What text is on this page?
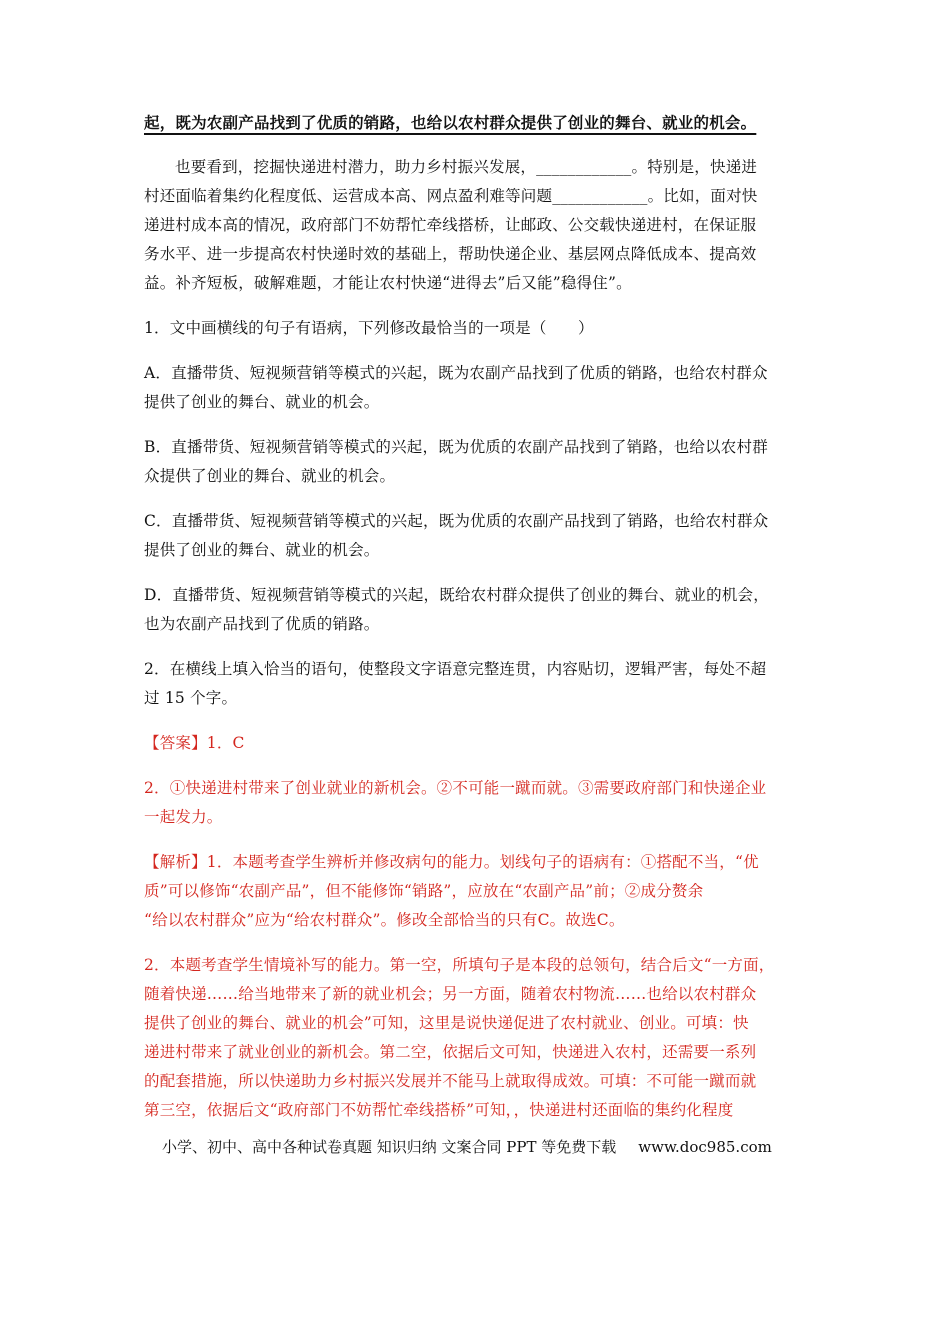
起，既为农副产品找到了优质的销路，也给以农村群众提供了创业的舞台、就业的机会。
也要看到，挖掘快递进村潜力，助力乡村振兴发展，____________。特别是，快递进
村还面临着集约化程度低、运营成本高、网点盈利难等问题____________。比如，面对快
递进村成本高的情况，政府部门不妨帮忙牵线搭桥，让邮政、公交载快递进村，在保证服
务水平、进一步提高农村快递时效的基础上，帮助快递企业、基层网点降低成本、提高效
益。补齐短板，破解难题，才能让农村快递“进得去”后又能”稳得住”。
1．文中画横线的句子有语病，下列修改最恰当的一项是（　　）
A．直播带货、短视频营销等模式的兴起，既为农副产品找到了优质的销路，也给农村群众
提供了创业的舞台、就业的机会。
B．直播带货、短视频营销等模式的兴起，既为优质的农副产品找到了销路，也给以农村群
众提供了创业的舞台、就业的机会。
C．直播带货、短视频营销等模式的兴起，既为优质的农副产品找到了销路，也给农村群众
提供了创业的舞台、就业的机会。
D．直播带货、短视频营销等模式的兴起，既给农村群众提供了创业的舞台、就业的机会，
也为农副产品找到了优质的销路。
2．在横线上填入恰当的语句，使整段文字语意完整连贯，内容贴切，逻辑严害，每处不超
过 15 个字。
【答案】1．C
2．①快递进村带来了创业就业的新机会。②不可能一蹴而就。③需要政府部门和快递企业
一起发力。
【解析】1．本题考查学生辨析并修改病句的能力。划线句子的语病有：①搭配不当，“优
质”可以修饰“农副产品”，但不能修饰“销路”，应放在“农副产品”前；②成分赘余
“给以农村群众”应为“给农村群众”。修改全部恰当的只有C。故选C。
2．本题考查学生情境补写的能力。第一空，所填句子是本段的总领句，结合后文“一方面，
随着快递……给当地带来了新的就业机会；另一方面，随着农村物流……也给以农村群众
提供了创业的舞台、就业的机会”可知，这里是说快递促进了农村就业、创业。可填：快
递进村带来了就业创业的新机会。第二空，依据后文可知，快递进入农村，还需要一系列
的配套措施，所以快递助力乡村振兴发展并不能马上就取得成效。可填：不可能一蹴而就
第三空，依据后文“政府部门不妨帮忙牵线搭桥”可知，，快递进村还面临的集约化程度
小学、初中、高中各种试卷真题 知识归纳 文案合同 PPT 等免费下载 www.doc985.com
